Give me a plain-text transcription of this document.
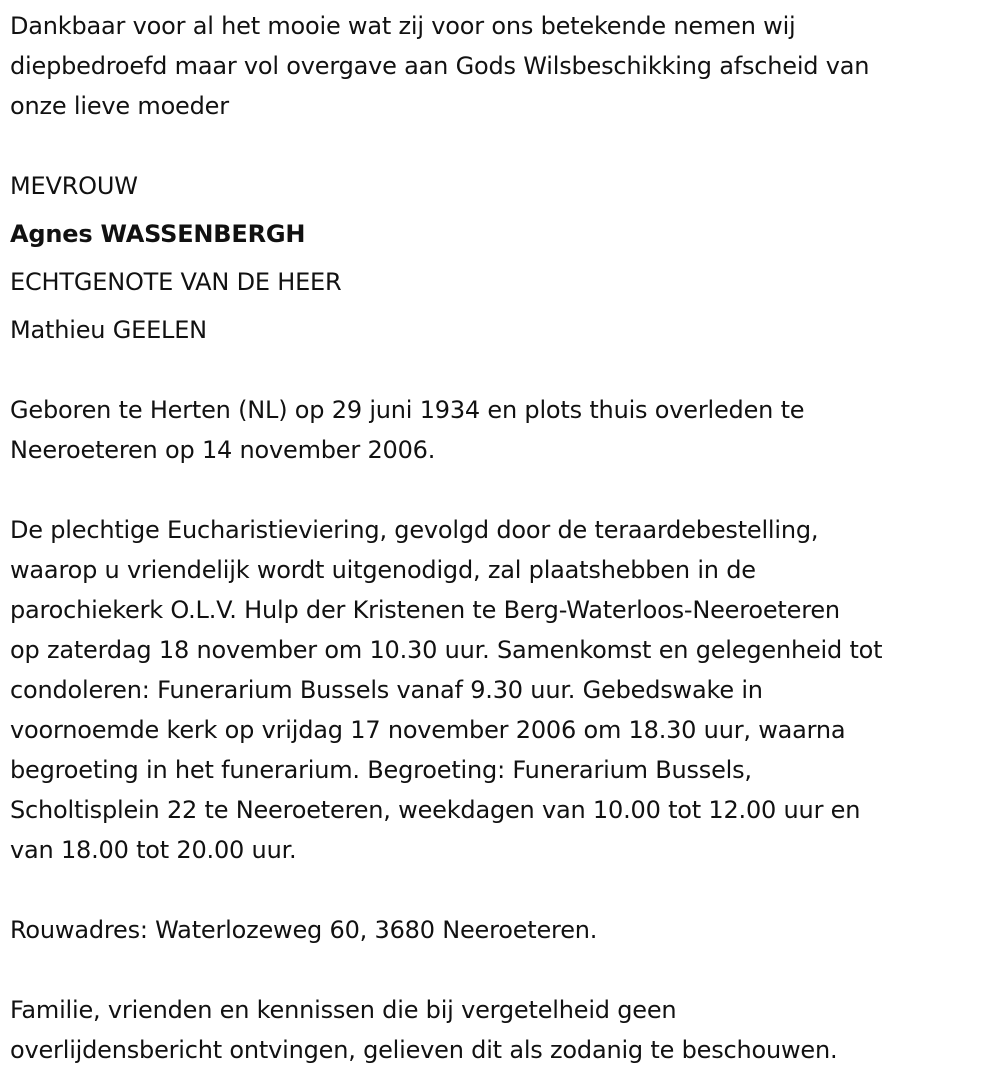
Dankbaar voor al het mooie wat zij voor ons betekende nemen wij
diepbedroefd maar vol overgave aan Gods Wilsbeschikking afscheid van
onze lieve moeder

MEVROUW
Agnes WASSENBERGH
ECHTGENOTE VAN DE HEER
Mathieu GEELEN

Geboren te Herten (NL) op 29 juni 1934 en plots thuis overleden te
Neeroeteren op 14 november 2006.

De plechtige Eucharistieviering, gevolgd door de teraardebestelling,
waarop u vriendelijk wordt uitgenodigd, zal plaatshebben in de
parochiekerk O.L.V. Hulp der Kristenen te Berg-Waterloos-Neeroeteren
op zaterdag 18 november om 10.30 uur. Samenkomst en gelegenheid tot
condoleren: Funerarium Bussels vanaf 9.30 uur. Gebedswake in
voornoemde kerk op vrijdag 17 november 2006 om 18.30 uur, waarna
begroeting in het funerarium. Begroeting: Funerarium Bussels,
Scholtisplein 22 te Neeroeteren, weekdagen van 10.00 tot 12.00 uur en
van 18.00 tot 20.00 uur.

Rouwadres: Waterlozeweg 60, 3680 Neeroeteren.

Familie, vrienden en kennissen die bij vergetelheid geen
overlijdensbericht ontvingen, gelieven dit als zodanig te beschouwen.
